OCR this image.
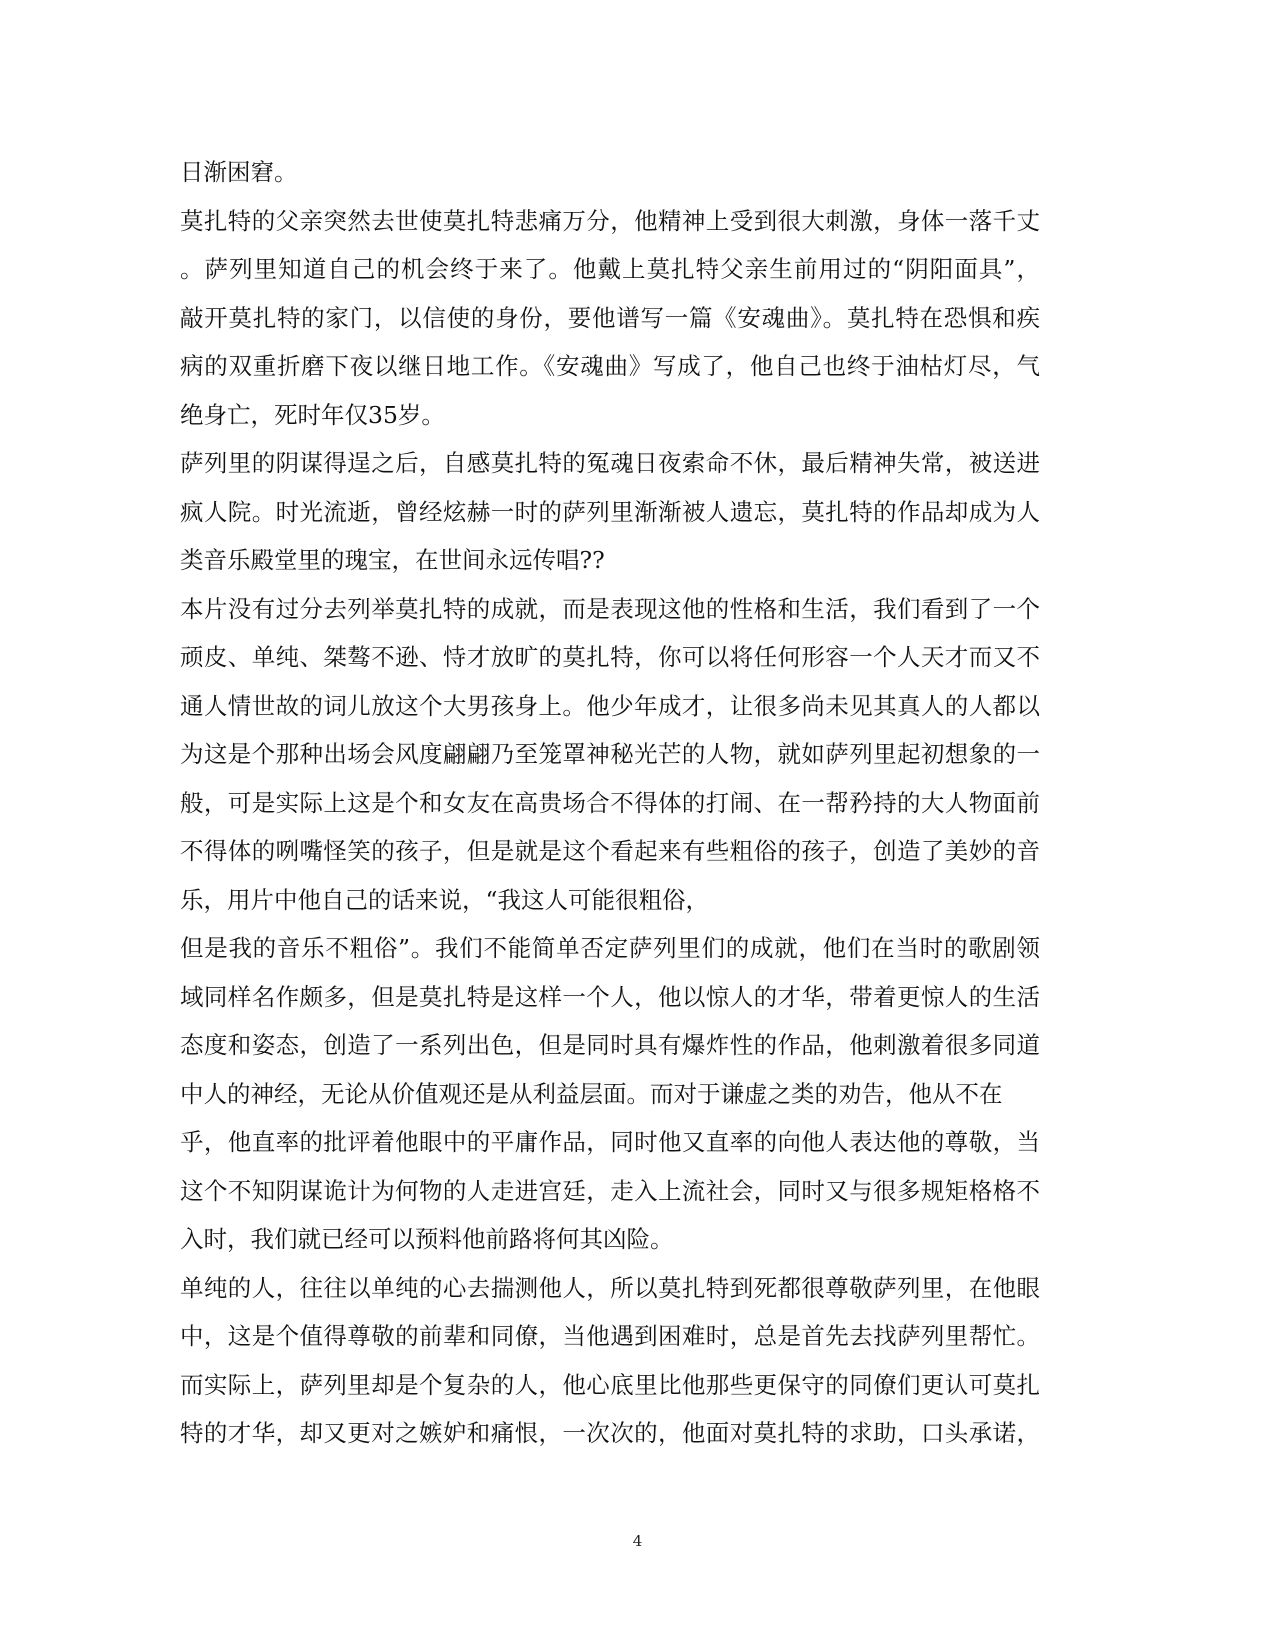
日渐困窘。
莫扎特的父亲突然去世使莫扎特悲痛万分，他精神上受到很大刺激，身体一落千丈
。萨列里知道自己的机会终于来了。他戴上莫扎特父亲生前用过的“阴阳面具”，
敲开莫扎特的家门，以信使的身份，要他谱写一篇《安魂曲》。莫扎特在恐惧和疾
病的双重折磨下夜以继日地工作。《安魂曲》写成了，他自己也终于油枯灯尽，气
绝身亡，死时年仅35岁。
萨列里的阴谋得逞之后，自感莫扎特的冤魂日夜索命不休，最后精神失常，被送进
疯人院。时光流逝，曾经炫赫一时的萨列里渐渐被人遗忘，莫扎特的作品却成为人
类音乐殿堂里的瑰宝，在世间永远传唱??
本片没有过分去列举莫扎特的成就，而是表现这他的性格和生活，我们看到了一个
顽皮、单纯、桀骜不逊、恃才放旷的莫扎特，你可以将任何形容一个人天才而又不
通人情世故的词儿放这个大男孩身上。他少年成才，让很多尚未见其真人的人都以
为这是个那种出场会风度翩翩乃至笼罩神秘光芒的人物，就如萨列里起初想象的一
般，可是实际上这是个和女友在高贵场合不得体的打闹、在一帮矜持的大人物面前
不得体的咧嘴怪笑的孩子，但是就是这个看起来有些粗俗的孩子，创造了美妙的音
乐，用片中他自己的话来说，“我这人可能很粗俗，
但是我的音乐不粗俗”。我们不能简单否定萨列里们的成就，他们在当时的歌剧领
域同样名作颇多，但是莫扎特是这样一个人，他以惊人的才华，带着更惊人的生活
态度和姿态，创造了一系列出色，但是同时具有爆炸性的作品，他刺激着很多同道
中人的神经，无论从价值观还是从利益层面。而对于谦虚之类的劝告，他从不在
乎，他直率的批评着他眼中的平庸作品，同时他又直率的向他人表达他的尊敬，当
这个不知阴谋诡计为何物的人走进宫廷，走入上流社会，同时又与很多规矩格格不
入时，我们就已经可以预料他前路将何其凶险。
单纯的人，往往以单纯的心去揣测他人，所以莫扎特到死都很尊敬萨列里，在他眼
中，这是个值得尊敬的前辈和同僚，当他遇到困难时，总是首先去找萨列里帮忙。
而实际上，萨列里却是个复杂的人，他心底里比他那些更保守的同僚们更认可莫扎
特的才华，却又更对之嫉妒和痛恨，一次次的，他面对莫扎特的求助，口头承诺，
4
